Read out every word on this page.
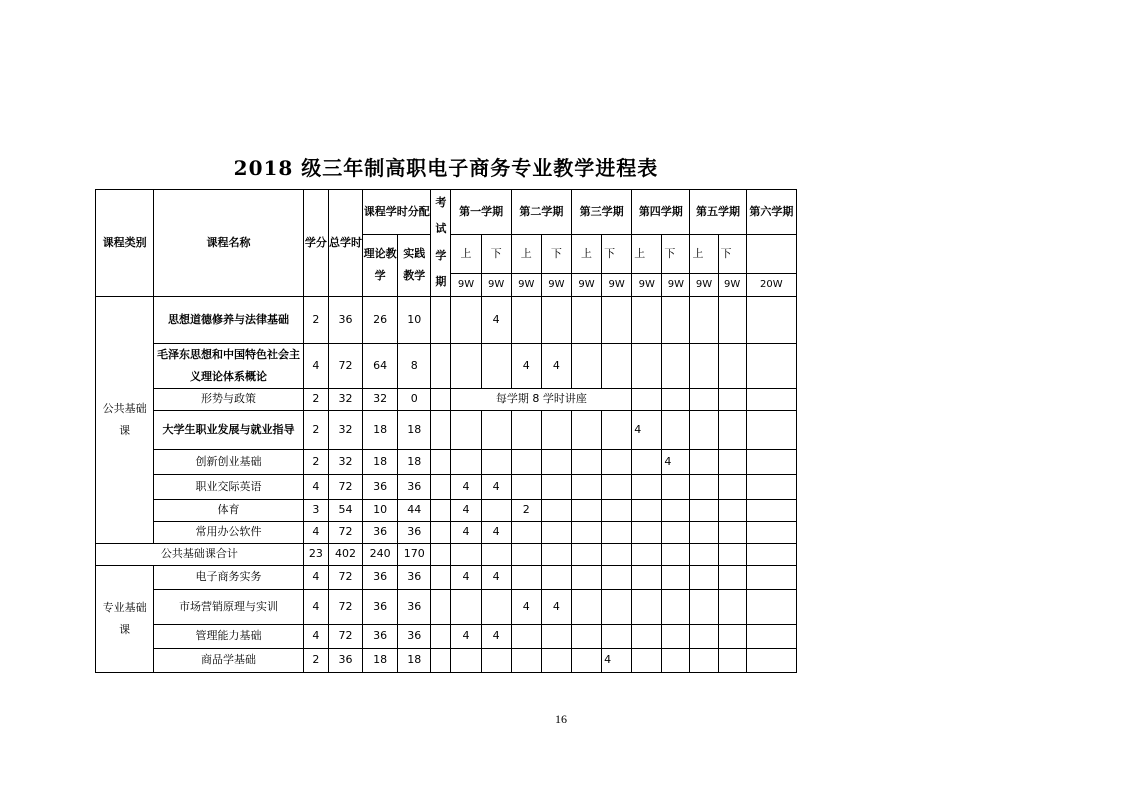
2018 级三年制高职电子商务专业教学进程表
课程类别	课程名称	学分	总学时	课程学时分配		考试学期	第一学期		第二学期		第三学期		第四学期		第五学期		第六学期
				理论教学	实践教学		上	下	上	下	上	下	上	下	上	下	
							9W	9W	9W	9W	9W	9W	9W	9W	9W	9W	20W
公共基础课	思想道德修养与法律基础	2	36	26	10			4									
	毛泽东思想和中国特色社会主义理论体系概论	4	72	64	8				4	4							
	形势与政策	2	32	32	0		每学期 8 学时讲座										
	大学生职业发展与就业指导	2	32	18	18								4				
	创新创业基础	2	32	18	18									4			
	职业交际英语	4	72	36	36		4	4									
	体育	3	54	10	44		4		2								
	常用办公软件	4	72	36	36		4	4									
公共基础课合计		23	402	240	170												
专业基础课	电子商务实务	4	72	36	36		4	4									
	市场营销原理与实训	4	72	36	36				4	4							
	管理能力基础	4	72	36	36		4	4									
	商品学基础	2	36	18	18							4					
16
